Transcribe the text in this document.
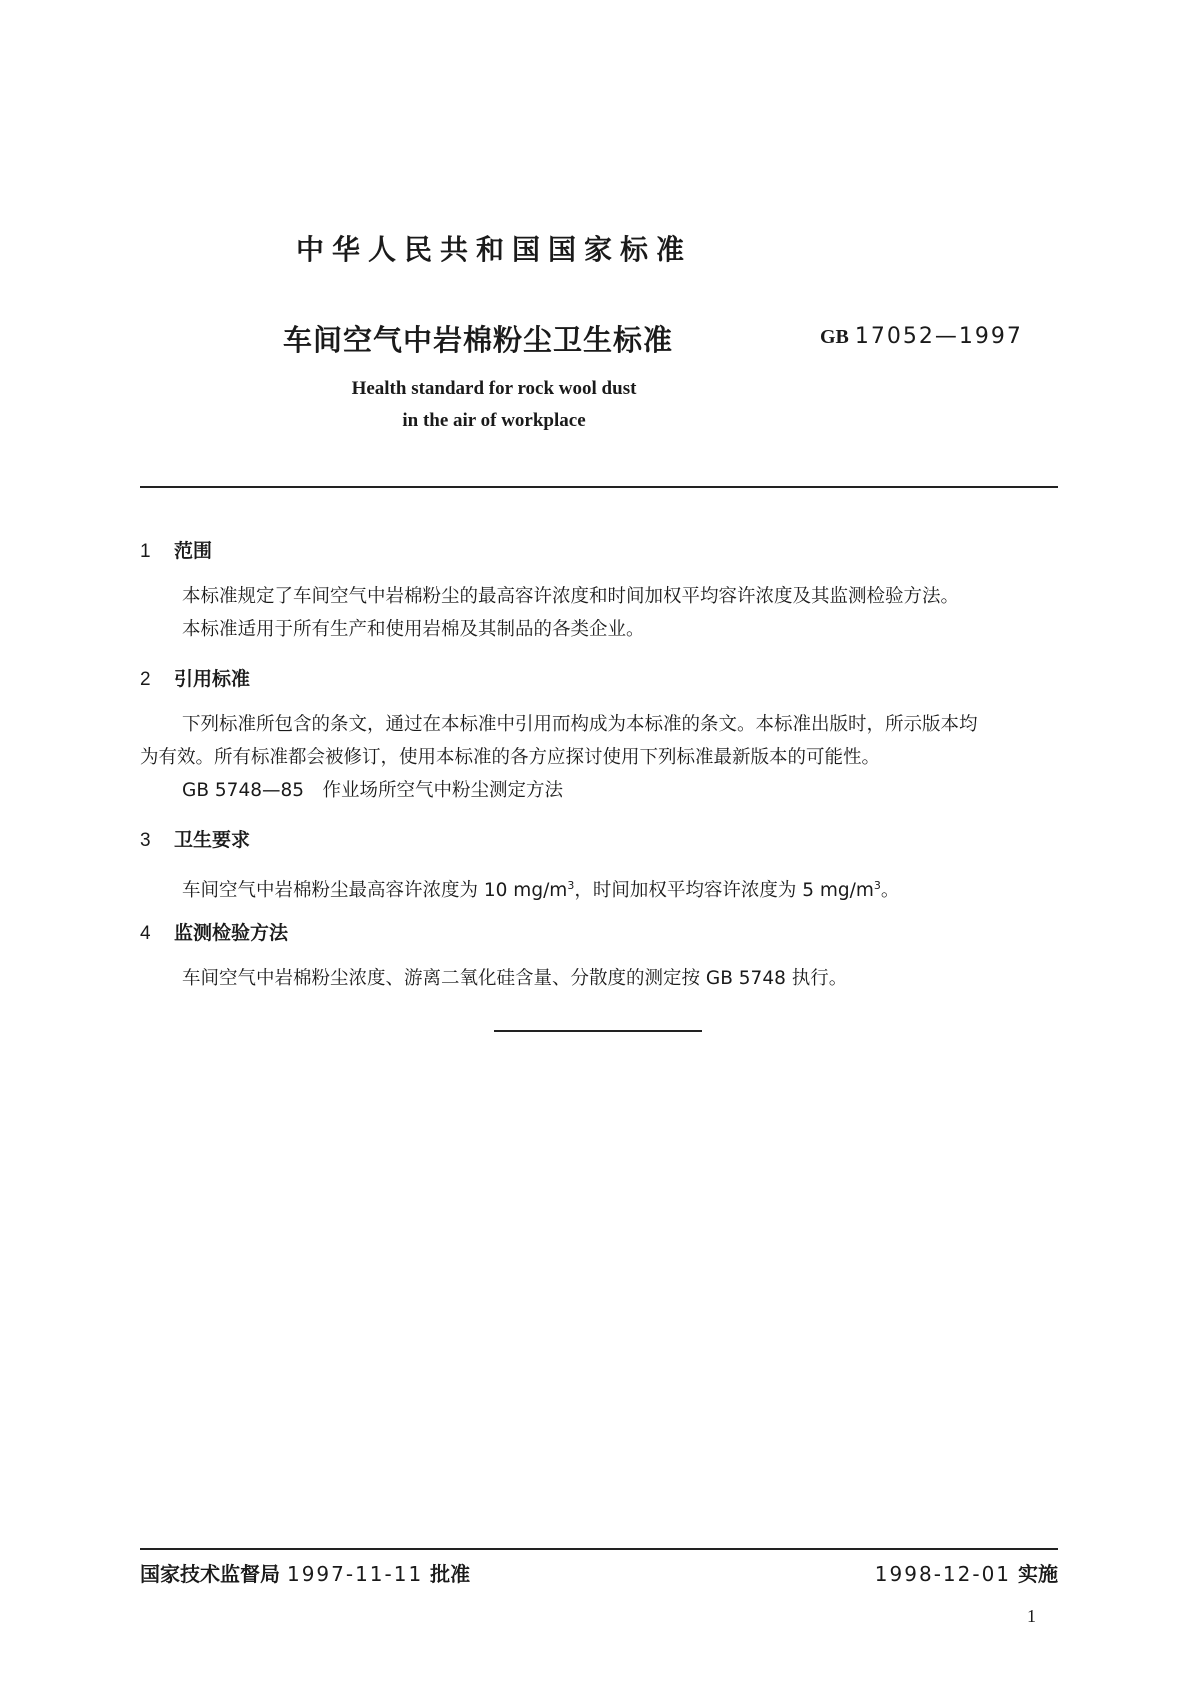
中华人民共和国国家标准
车间空气中岩棉粉尘卫生标准	GB 17052—1997
Health standard for rock wool dust
in the air of workplace
1 范围
本标准规定了车间空气中岩棉粉尘的最高容许浓度和时间加权平均容许浓度及其监测检验方法。
本标准适用于所有生产和使用岩棉及其制品的各类企业。
2 引用标准
下列标准所包含的条文，通过在本标准中引用而构成为本标准的条文。本标准出版时，所示版本均
为有效。所有标准都会被修订，使用本标准的各方应探讨使用下列标准最新版本的可能性。
GB 5748—85　作业场所空气中粉尘测定方法
3 卫生要求
车间空气中岩棉粉尘最高容许浓度为 10 $mg/m^3$，时间加权平均容许浓度为 5 $mg/m^3$。
4 监测检验方法
车间空气中岩棉粉尘浓度、游离二氧化硅含量、分散度的测定按 GB 5748 执行。
国家技术监督局 1997-11-11 批准	1998-12-01 实施
1
